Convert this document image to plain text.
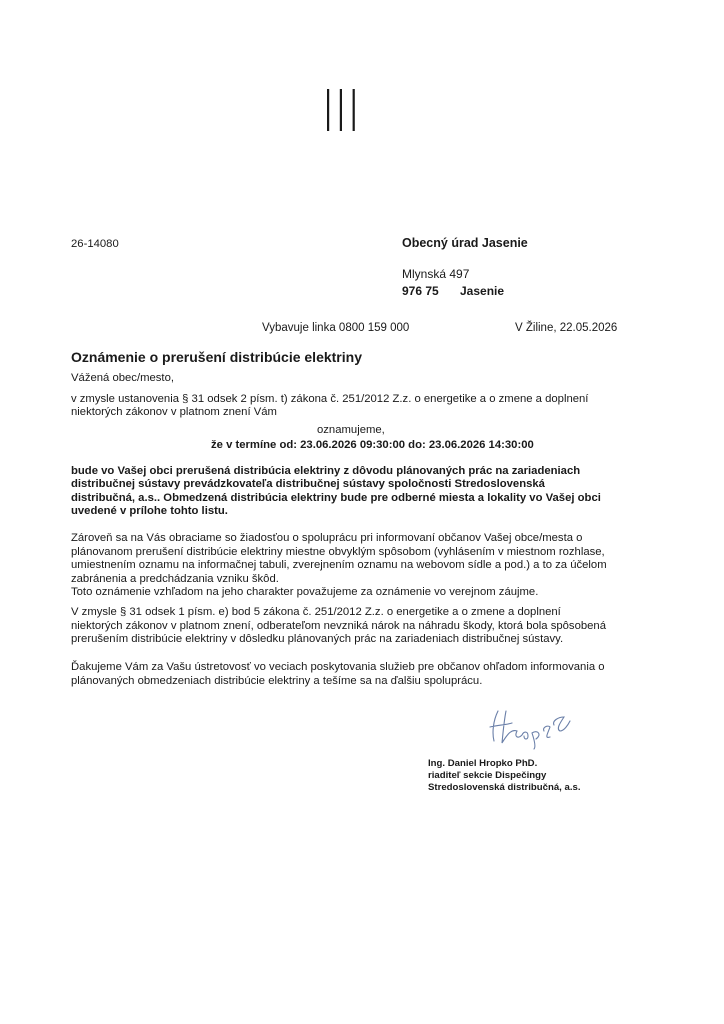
26-14080	Obecný úrad Jasenie
Mlynská 497
976 75 Jasenie
Vybavuje linka 0800 159 000	V Žiline, 22.05.2026
Oznámenie o prerušení distribúcie elektriny
Vážená obec/mesto,
v zmysle ustanovenia § 31 odsek 2 písm. t) zákona č. 251/2012 Z.z. o energetike a o zmene a doplnení
niektorých zákonov v platnom znení Vám
oznamujeme,
že v termíne od: 23.06.2026 09:30:00 do: 23.06.2026 14:30:00
bude vo Vašej obci prerušená distribúcia elektriny z dôvodu plánovaných prác na zariadeniach
distribučnej sústavy prevádzkovateľa distribučnej sústavy spoločnosti Stredoslovenská
distribučná, a.s.. Obmedzená distribúcia elektriny bude pre odberné miesta a lokality vo Vašej obci
uvedené v prílohe tohto listu.
Zároveň sa na Vás obraciame so žiadosťou o spoluprácu pri informovaní občanov Vašej obce/mesta o
plánovanom prerušení distribúcie elektriny miestne obvyklým spôsobom (vyhlásením v miestnom rozhlase,
umiestnením oznamu na informačnej tabuli, zverejnením oznamu na webovom sídle a pod.) a to za účelom
zabránenia a predchádzania vzniku škôd.
Toto oznámenie vzhľadom na jeho charakter považujeme za oznámenie vo verejnom záujme.
V zmysle § 31 odsek 1 písm. e) bod 5 zákona č. 251/2012 Z.z. o energetike a o zmene a doplnení
niektorých zákonov v platnom znení, odberateľom nevzniká nárok na náhradu škody, ktorá bola spôsobená
prerušením distribúcie elektriny v dôsledku plánovaných prác na zariadeniach distribučnej sústavy.
Ďakujeme Vám za Vašu ústretovosť vo veciach poskytovania služieb pre občanov ohľadom informovania o
plánovaných obmedzeniach distribúcie elektriny a tešíme sa na ďalšiu spoluprácu.
Ing. Daniel Hropko PhD.
riaditeľ sekcie Dispečingy
Stredoslovenská distribučná, a.s.
